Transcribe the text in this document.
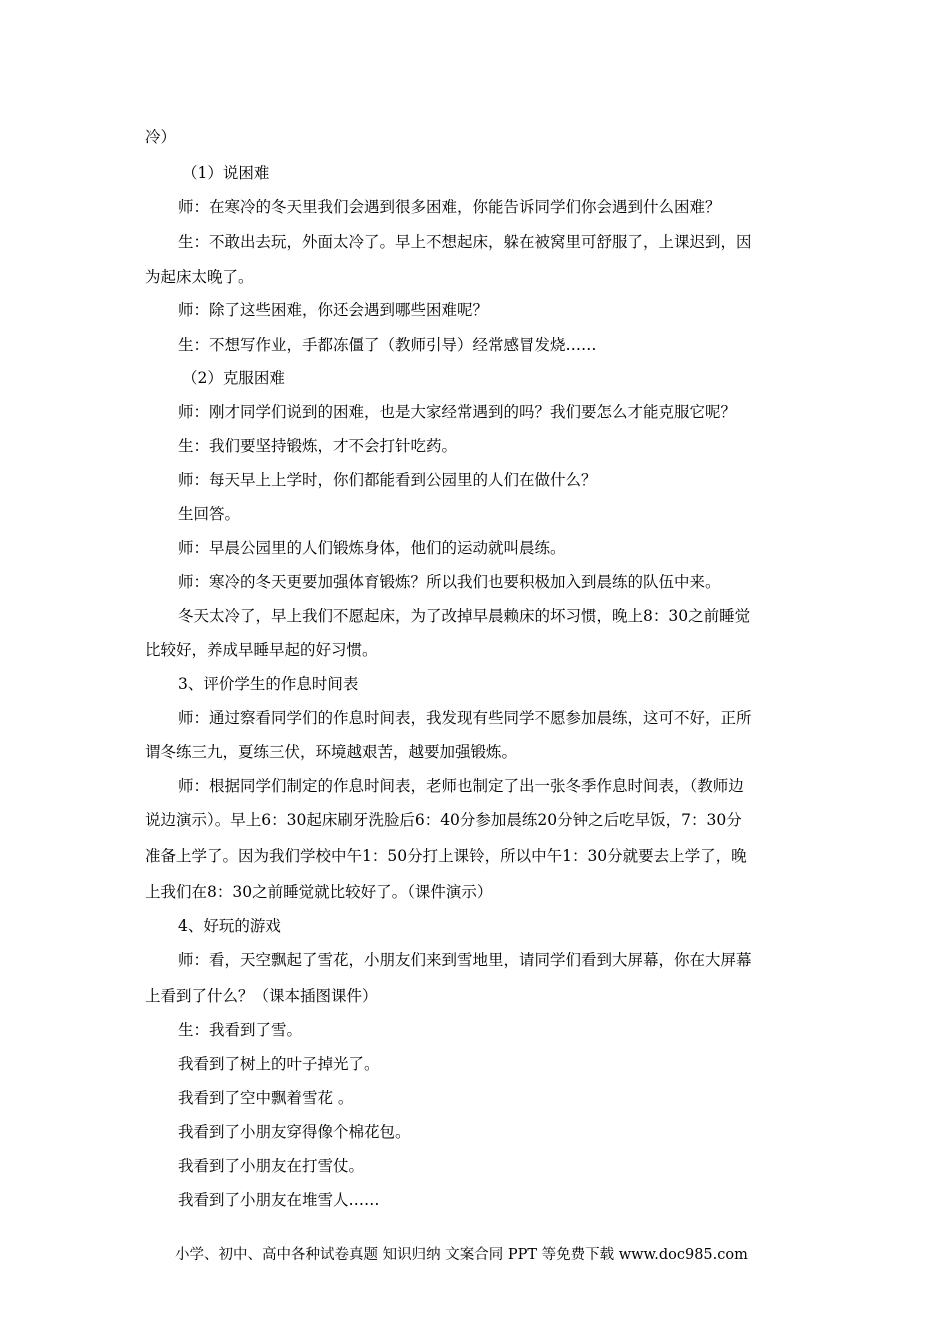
冷）
（1）说困难
师：在寒冷的冬天里我们会遇到很多困难，你能告诉同学们你会遇到什么困难？
生：不敢出去玩，外面太冷了。早上不想起床，躲在被窝里可舒服了，上课迟到，因
为起床太晚了。
师：除了这些困难，你还会遇到哪些困难呢？
生：不想写作业，手都冻僵了（教师引导）经常感冒发烧……
（2）克服困难
师：刚才同学们说到的困难，也是大家经常遇到的吗？我们要怎么才能克服它呢？
生：我们要坚持锻炼，才不会打针吃药。
师：每天早上上学时，你们都能看到公园里的人们在做什么？
生回答。
师：早晨公园里的人们锻炼身体，他们的运动就叫晨练。
师：寒冷的冬天更要加强体育锻炼？所以我们也要积极加入到晨练的队伍中来。
冬天太冷了，早上我们不愿起床，为了改掉早晨赖床的坏习惯，晚上8：30之前睡觉
比较好，养成早睡早起的好习惯。
3、评价学生的作息时间表
师：通过察看同学们的作息时间表，我发现有些同学不愿参加晨练，这可不好，正所
谓冬练三九，夏练三伏，环境越艰苦，越要加强锻炼。
师：根据同学们制定的作息时间表，老师也制定了出一张冬季作息时间表，（教师边
说边演示）。早上6：30起床刷牙洗脸后6：40分参加晨练20分钟之后吃早饭，7：30分
准备上学了。因为我们学校中午1：50分打上课铃，所以中午1：30分就要去上学了，晚
上我们在8：30之前睡觉就比较好了。（课件演示）
4、好玩的游戏
师：看，天空飘起了雪花，小朋友们来到雪地里，请同学们看到大屏幕，你在大屏幕
上看到了什么？（课本插图课件）
生：我看到了雪。
我看到了树上的叶子掉光了。
我看到了空中飘着雪花 。
我看到了小朋友穿得像个棉花包。
我看到了小朋友在打雪仗。
我看到了小朋友在堆雪人……
小学、初中、高中各种试卷真题 知识归纳 文案合同 PPT 等免费下载 www.doc985.com
